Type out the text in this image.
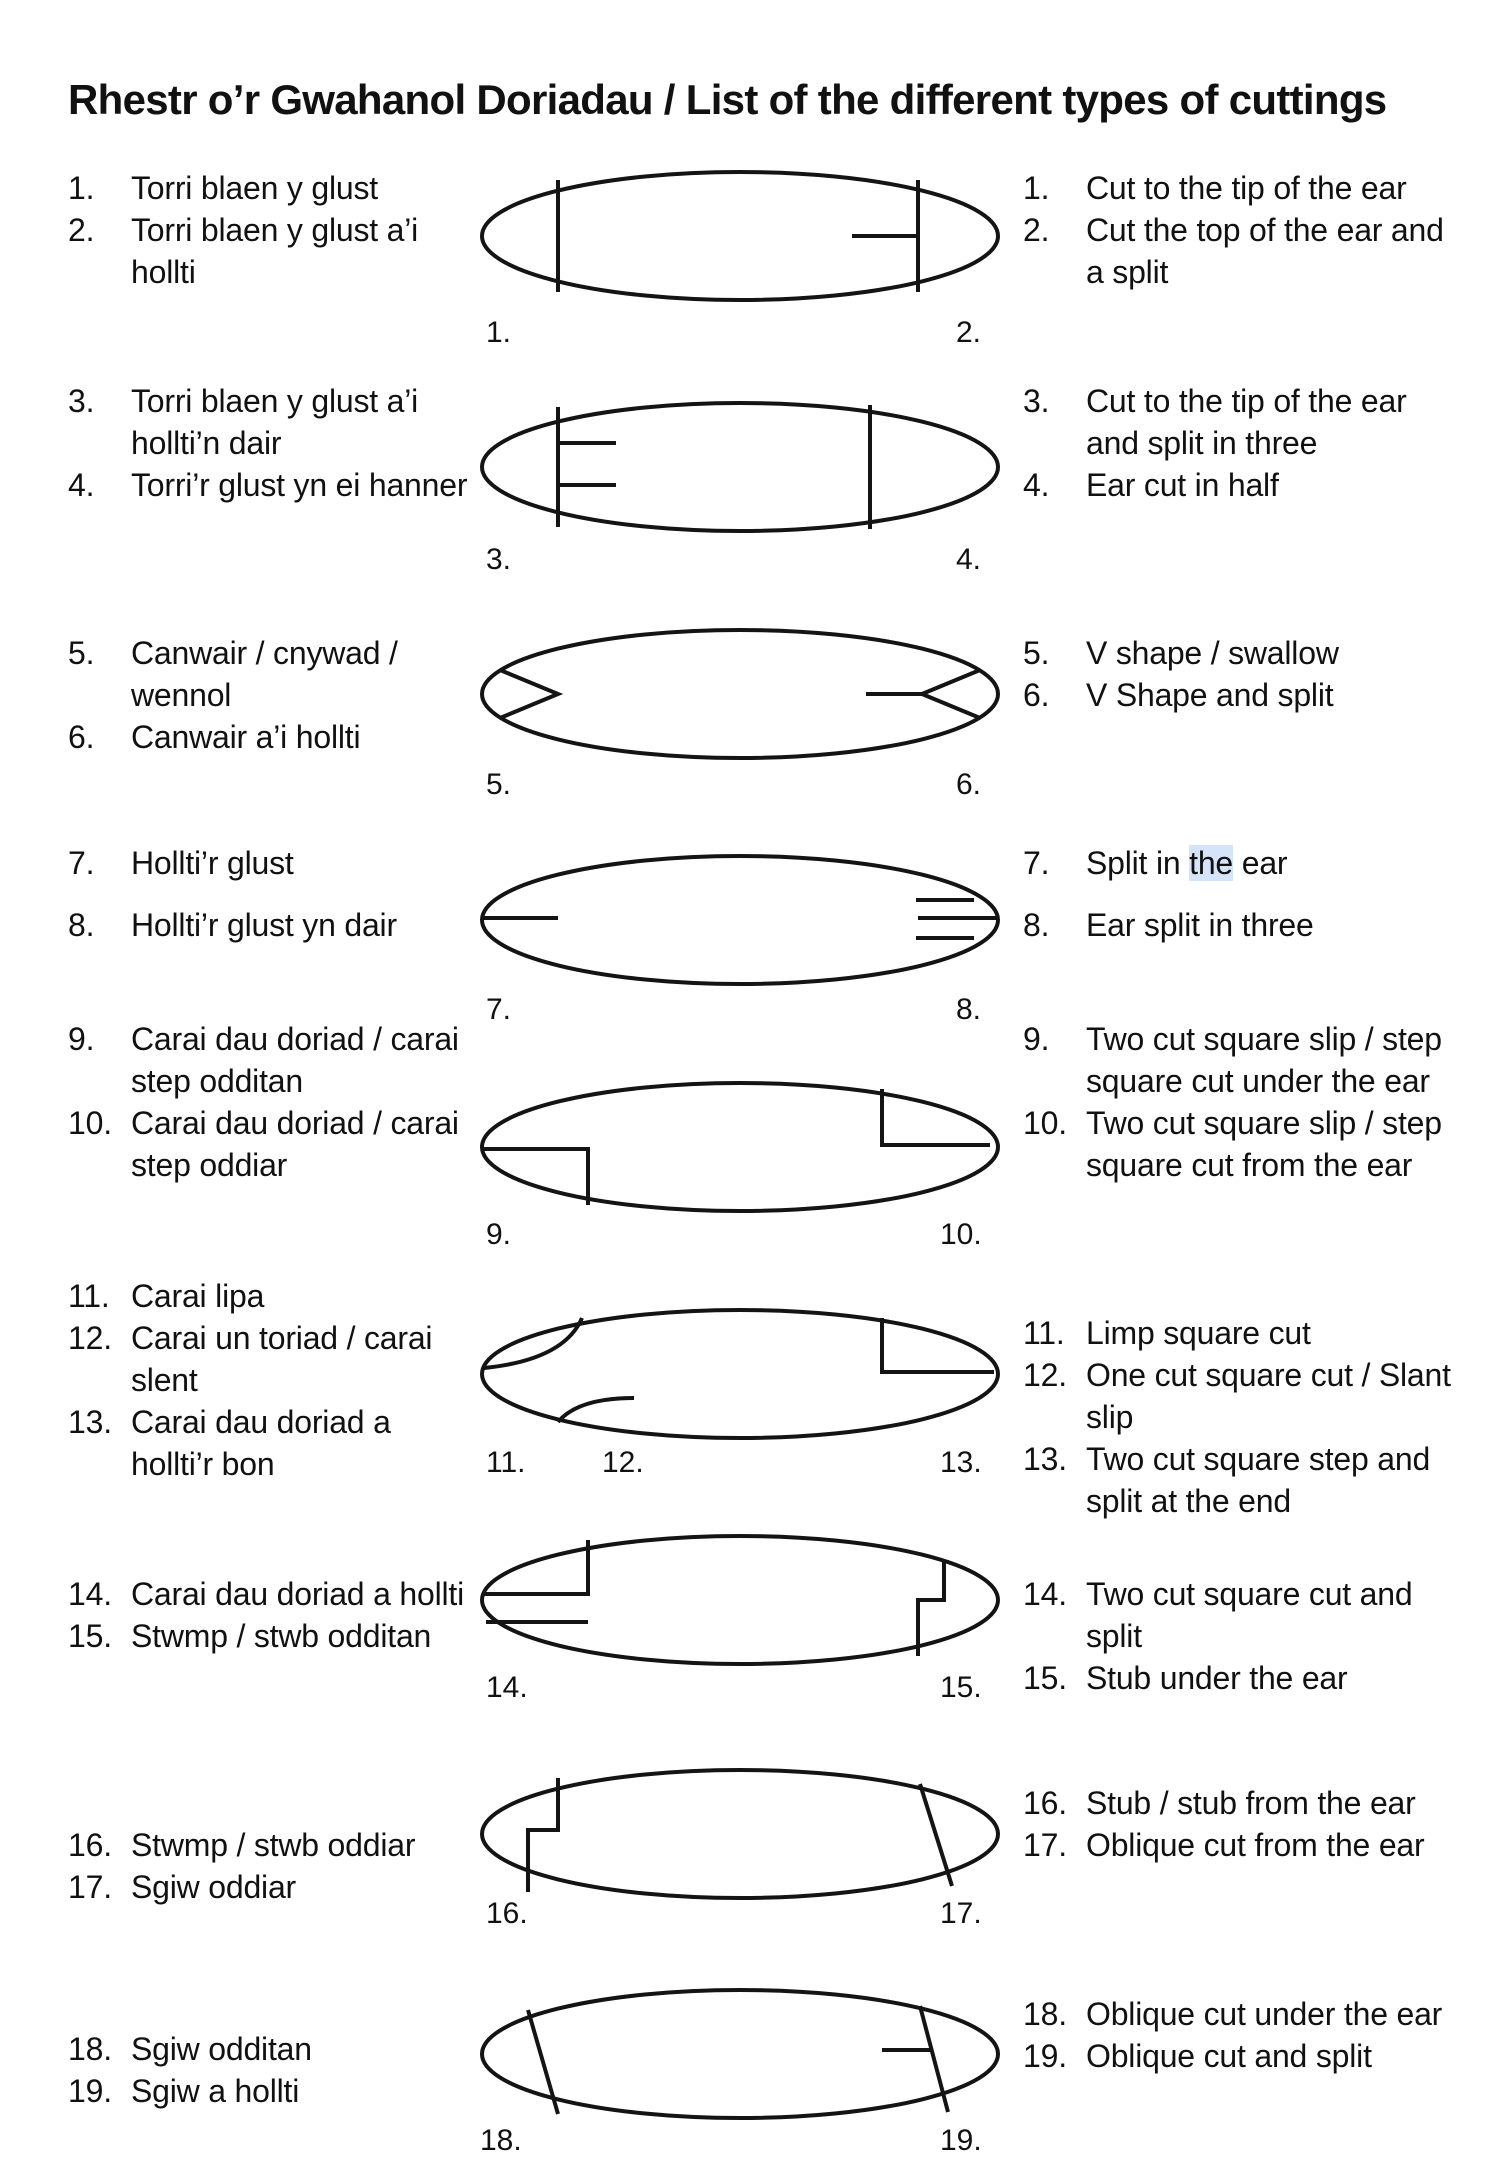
Rhestr o’r Gwahanol Doriadau / List of the different types of cuttings
1. Torri blaen y glust
2. Torri blaen y glust a’i hollti
1.	2.
1. Cut to the tip of the ear
2. Cut the top of the ear and a split
3. Torri blaen y glust a’i hollti’n dair
4. Torri’r glust yn ei hanner
3.	4.
3. Cut to the tip of the ear and split in three
4. Ear cut in half
5. Canwair / cnywad / wennol
6. Canwair a’i hollti
5.	6.
5. V shape / swallow
6. V Shape and split
7. Hollti’r glust
8. Hollti’r glust yn dair
7.	8.
7. Split in the ear
8. Ear split in three
9. Carai dau doriad / carai step odditan
10. Carai dau doriad / carai step oddiar
9.	10.
9. Two cut square slip / step square cut under the ear
10. Two cut square slip / step square cut from the ear
11. Carai lipa
12. Carai un toriad / carai slent
13. Carai dau doriad a hollti’r bon	11.	12.	13.
11. Limp square cut
12. One cut square cut / Slant slip
13. Two cut square step and split at the end
14. Carai dau doriad a hollti
15. Stwmp / stwb odditan
14.	15.
14. Two cut square cut and split
15. Stub under the ear
16. Stwmp / stwb oddiar
17. Sgiw oddiar
16.	17.
16. Stub / stub from the ear
17. Oblique cut from the ear
18. Sgiw odditan
19. Sgiw a hollti
18.	19.
18. Oblique cut under the ear
19. Oblique cut and split
